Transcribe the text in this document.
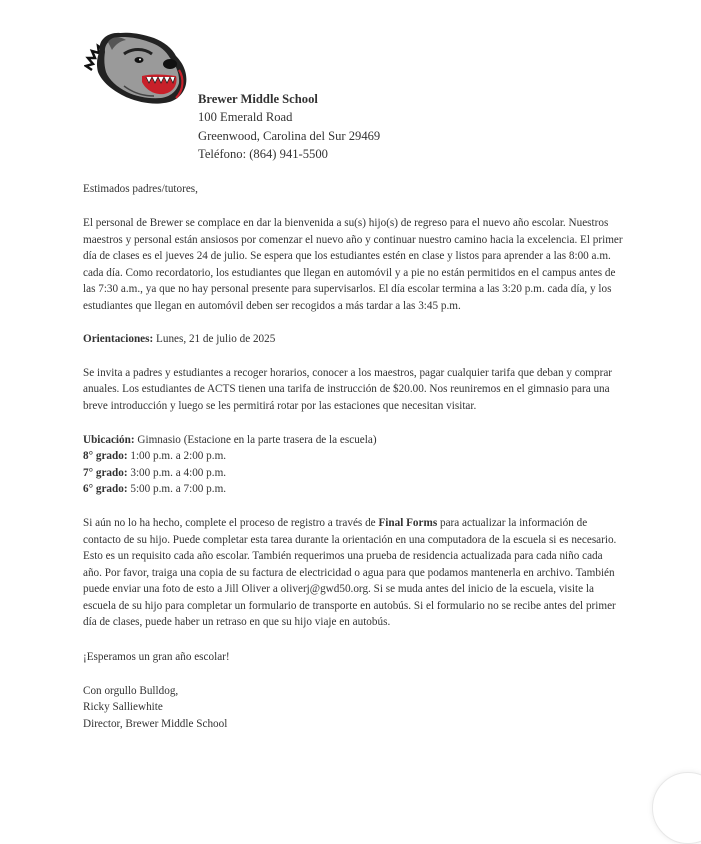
Brewer Middle School
100 Emerald Road
Greenwood, Carolina del Sur 29469
Teléfono: (864) 941-5500

Estimados padres/tutores,

El personal de Brewer se complace en dar la bienvenida a su(s) hijo(s) de regreso para el nuevo año escolar. Nuestros maestros y personal están ansiosos por comenzar el nuevo año y continuar nuestro camino hacia la excelencia. El primer día de clases es el jueves 24 de julio. Se espera que los estudiantes estén en clase y listos para aprender a las 8:00 a.m. cada día. Como recordatorio, los estudiantes que llegan en automóvil y a pie no están permitidos en el campus antes de las 7:30 a.m., ya que no hay personal presente para supervisarlos. El día escolar termina a las 3:20 p.m. cada día, y los estudiantes que llegan en automóvil deben ser recogidos a más tardar a las 3:45 p.m.

Orientaciones: Lunes, 21 de julio de 2025

Se invita a padres y estudiantes a recoger horarios, conocer a los maestros, pagar cualquier tarifa que deban y comprar anuales. Los estudiantes de ACTS tienen una tarifa de instrucción de $20.00. Nos reuniremos en el gimnasio para una breve introducción y luego se les permitirá rotar por las estaciones que necesitan visitar.

Ubicación: Gimnasio (Estacione en la parte trasera de la escuela)

8° grado: 1:00 p.m. a 2:00 p.m.

7° grado: 3:00 p.m. a 4:00 p.m.

6° grado: 5:00 p.m. a 7:00 p.m.

Si aún no lo ha hecho, complete el proceso de registro a través de Final Forms para actualizar la información de contacto de su hijo. Puede completar esta tarea durante la orientación en una computadora de la escuela si es necesario. Esto es un requisito cada año escolar. También requerimos una prueba de residencia actualizada para cada niño cada año. Por favor, traiga una copia de su factura de electricidad o agua para que podamos mantenerla en archivo. También puede enviar una foto de esto a Jill Oliver a oliverj@gwd50.org. Si se muda antes del inicio de la escuela, visite la escuela de su hijo para completar un formulario de transporte en autobús. Si el formulario no se recibe antes del primer día de clases, puede haber un retraso en que su hijo viaje en autobús.

¡Esperamos un gran año escolar!

Con orgullo Bulldog,

Ricky Salliewhite

Director, Brewer Middle School
